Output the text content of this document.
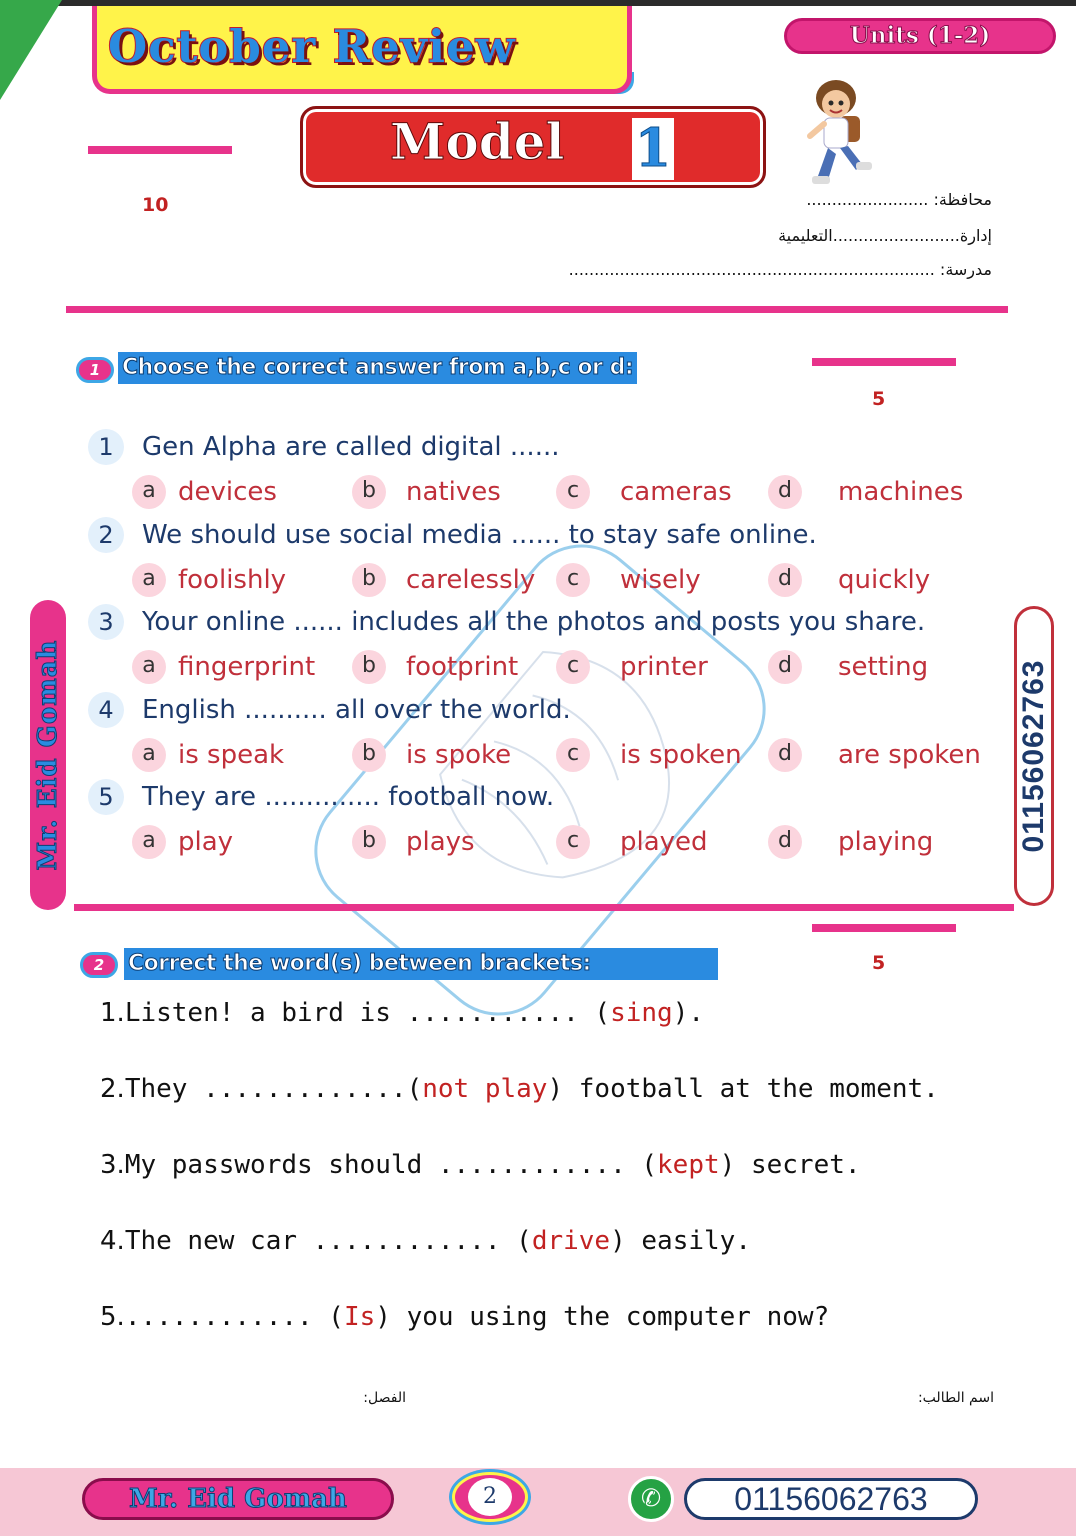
October Review	Units (1-2)
10
Model 1
محافظة: ........................
إدارة.........................التعليمية
مدرسة: ........................................................................
1 Choose the correct answer from a,b,c or d:
5
1	Gen Alpha are called digital ......
a devices	b	natives	c	cameras	d	machines
2	We should use social media ...... to stay safe online.
a foolishly	b	carelessly	c	wisely	d	quickly
3	Your online ...... includes all the photos and posts you share.
a fingerprint	b	footprint	c	printer	d	setting
4	English .......... all over the world.
a is speak	b	is spoke	c	is spoken	d	are spoken
5	They are .............. football now.
a play	b	plays	c	played	d	playing
Mr. Eid Gomah	01156062763
2	Correct the word(s) between brackets:	5
1.Listen! a bird is ........... (sing).
2.They .............(not play) football at the moment.
3.My passwords should ............ (kept) secret.
4.The new car ............ (drive) easily.
5............. (Is) you using the computer now?
اسم الطالب:
الفصل:
Mr. Eid Gomah	2	✆	01156062763
